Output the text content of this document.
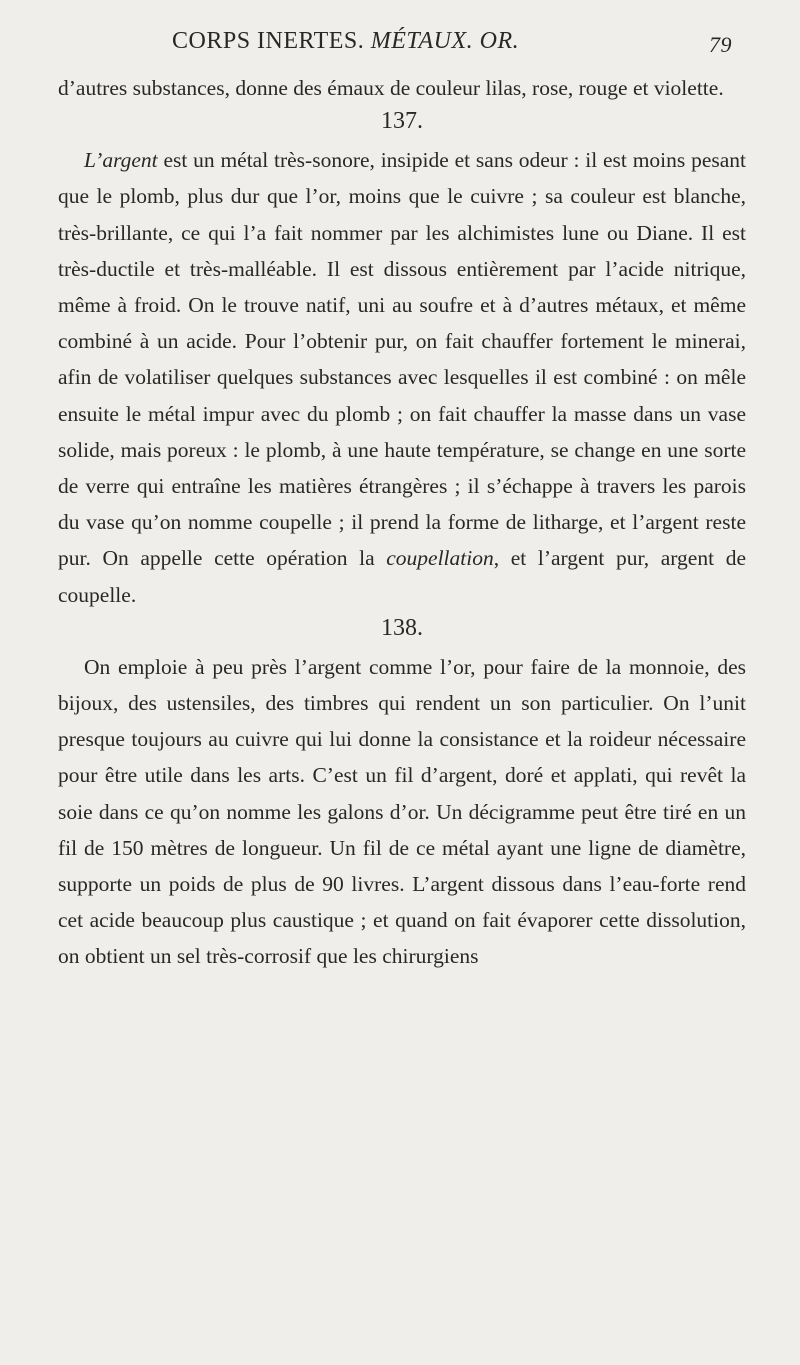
CORPS INERTES. MÉTAUX. OR.	79

d’autres substances, donne des émaux de couleur lilas, rose, rouge et violette.

137.

L’argent est un métal très-sonore, insipide et sans odeur : il est moins pesant que le plomb, plus dur que l’or, moins que le cuivre ; sa couleur est blanche, très-brillante, ce qui l’a fait nommer par les alchimistes lune ou Diane. Il est très-ductile et très-malléable. Il est dissous entièrement par l’acide nitrique, même à froid. On le trouve natif, uni au soufre et à d’autres métaux, et même combiné à un acide. Pour l’obtenir pur, on fait chauffer fortement le minerai, afin de volatiliser quelques substances avec lesquelles il est combiné : on mêle ensuite le métal impur avec du plomb ; on fait chauffer la masse dans un vase solide, mais poreux : le plomb, à une haute température, se change en une sorte de verre qui entraîne les matières étrangères ; il s’échappe à travers les parois du vase qu’on nomme coupelle ; il prend la forme de litharge, et l’argent reste pur. On appelle cette opération la coupellation, et l’argent pur, argent de coupelle.

138.

On emploie à peu près l’argent comme l’or, pour faire de la monnoie, des bijoux, des ustensiles, des timbres qui rendent un son particulier. On l’unit presque toujours au cuivre qui lui donne la consistance et la roideur nécessaire pour être utile dans les arts. C’est un fil d’argent, doré et applati, qui revêt la soie dans ce qu’on nomme les galons d’or. Un décigramme peut être tiré en un fil de 150 mètres de longueur. Un fil de ce métal ayant une ligne de diamètre, supporte un poids de plus de 90 livres. L’argent dissous dans l’eau-forte rend cet acide beaucoup plus caustique ; et quand on fait évaporer cette dissolution, on obtient un sel très-corrosif que les chirurgiens
